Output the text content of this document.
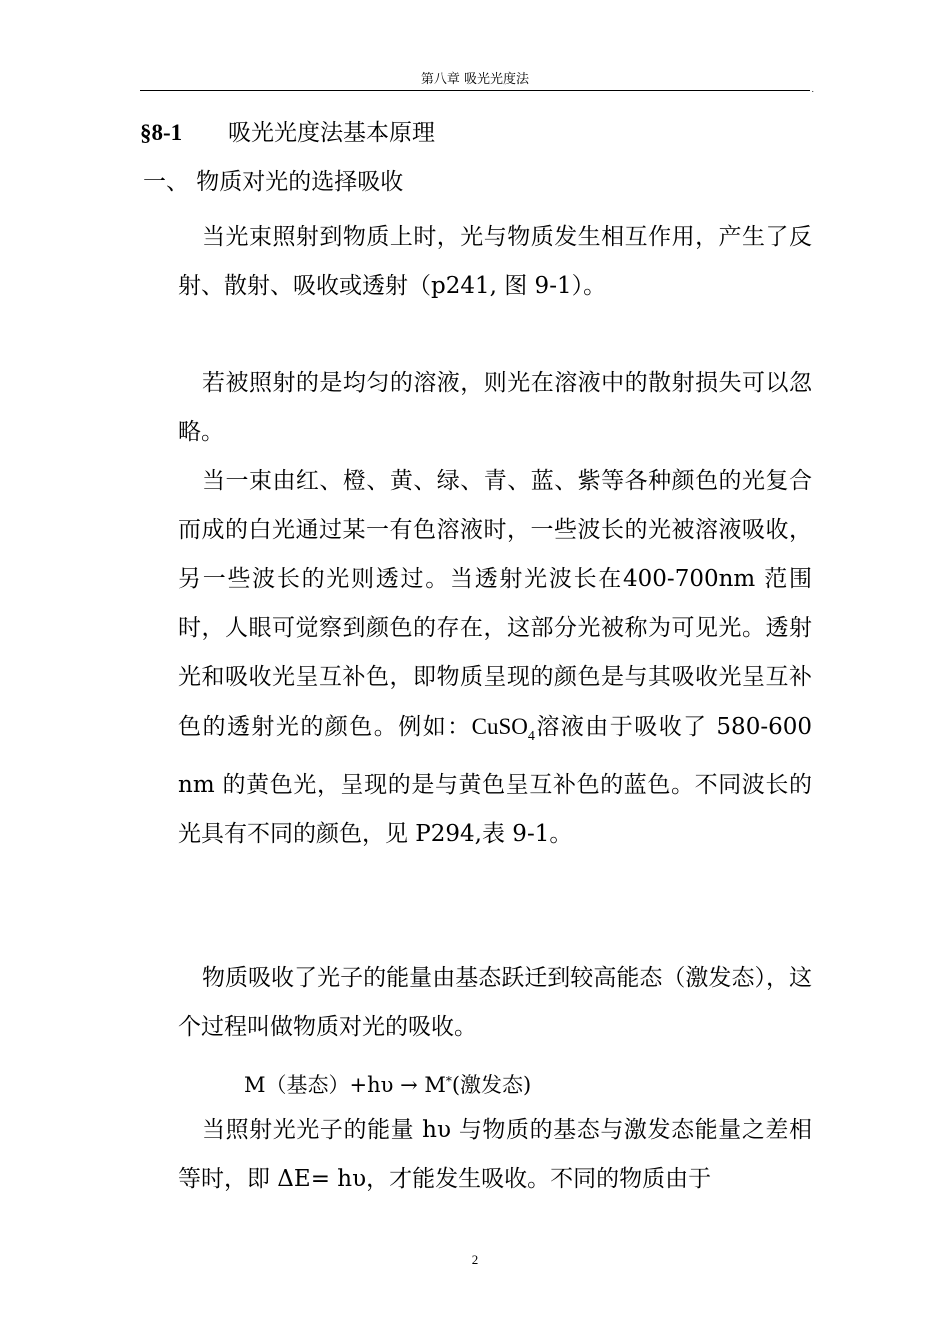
第八章 吸光光度法
.
§8-1 吸光光度法基本原理
一、 物质对光的选择吸收

当光束照射到物质上时，光与物质发生相互作用，产生了反射、散射、吸收或透射（p241, 图 9-1）。

若被照射的是均匀的溶液，则光在溶液中的散射损失可以忽略。

当一束由红、橙、黄、绿、青、蓝、紫等各种颜色的光复合而成的白光通过某一有色溶液时，一些波长的光被溶液吸收，另一些波长的光则透过。当透射光波长在400-700nm 范围时，人眼可觉察到颜色的存在，这部分光被称为可见光。透射光和吸收光呈互补色，即物质呈现的颜色是与其吸收光呈互补色的透射光的颜色。例如：CuSO$_4$溶液由于吸收了 580-600 nm 的黄色光，呈现的是与黄色呈互补色的蓝色。不同波长的光具有不同的颜色，见 P294,表 9-1。

物质吸收了光子的能量由基态跃迁到较高能态（激发态），这个过程叫做物质对光的吸收。

M（基态）+hυ → M*(激发态)

当照射光光子的能量 hυ 与物质的基态与激发态能量之差相等时，即 ΔE= hυ，才能发生吸收。不同的物质由于

2
